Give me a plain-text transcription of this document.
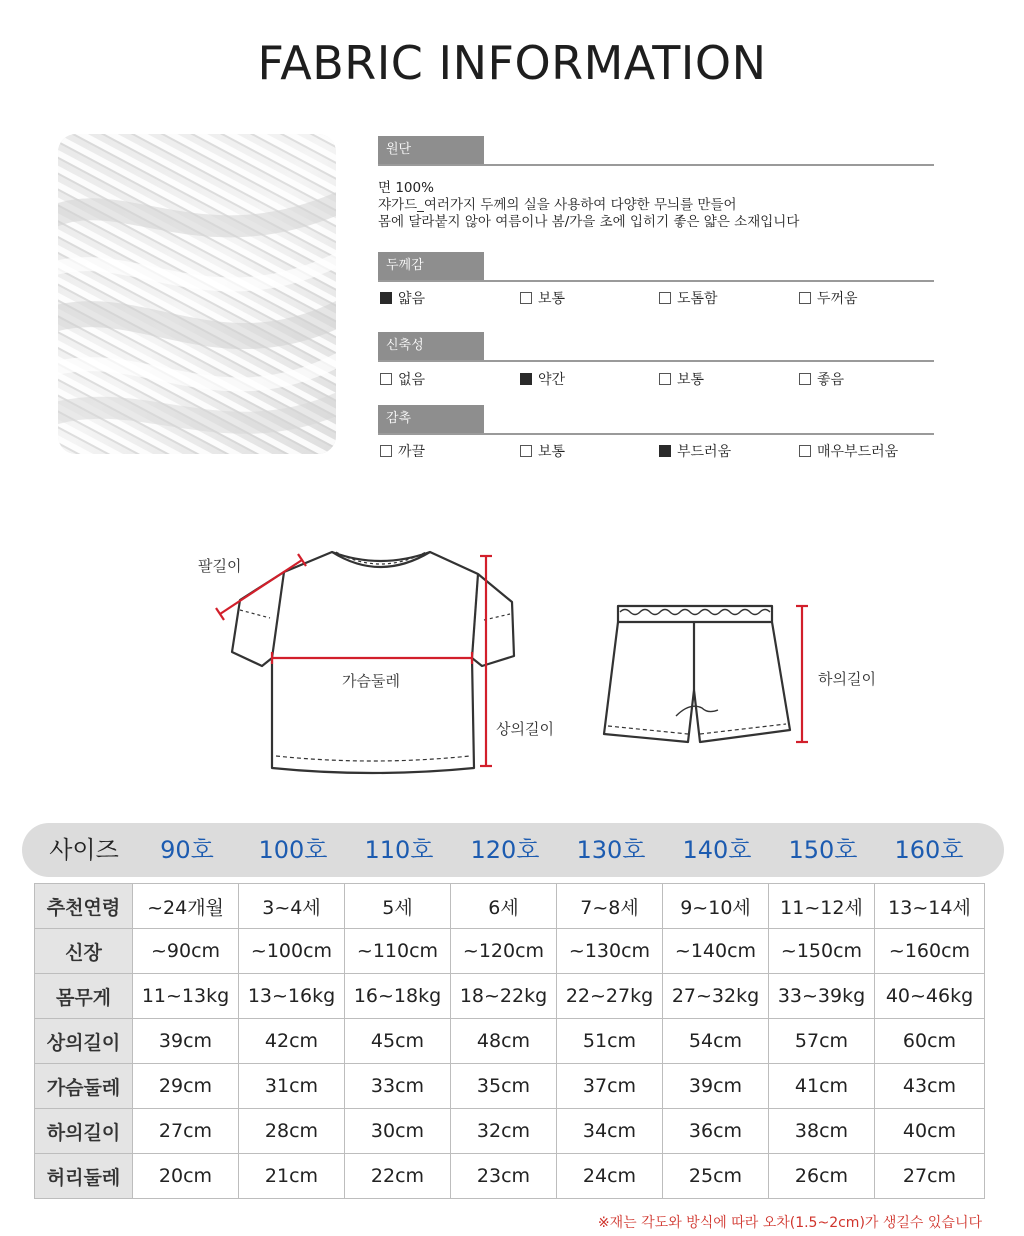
FABRIC INFORMATION
원단
면 100%
쟈가드_여러가지 두께의 실을 사용하여 다양한 무늬를 만들어
몸에 달라붙지 않아 여름이나 봄/가을 초에 입히기 좋은 얇은 소재입니다
두께감
얇음	보통	도톰함	두꺼움
신축성
없음	약간	보통	좋음
감촉
까끌	보통	부드러움	매우부드러움
팔길이
가슴둘레
상의길이
하의길이
사이즈	90호	100호	110호	120호	130호	140호	150호	160호
추천연령	~24개월	3~4세	5세	6세	7~8세	9~10세	11~12세	13~14세
신장	~90cm	~100cm	~110cm	~120cm	~130cm	~140cm	~150cm	~160cm
몸무게	11~13kg	13~16kg	16~18kg	18~22kg	22~27kg	27~32kg	33~39kg	40~46kg
상의길이	39cm	42cm	45cm	48cm	51cm	54cm	57cm	60cm
가슴둘레	29cm	31cm	33cm	35cm	37cm	39cm	41cm	43cm
하의길이	27cm	28cm	30cm	32cm	34cm	36cm	38cm	40cm
허리둘레	20cm	21cm	22cm	23cm	24cm	25cm	26cm	27cm
※재는 각도와 방식에 따라 오차(1.5~2cm)가 생길수 있습니다
